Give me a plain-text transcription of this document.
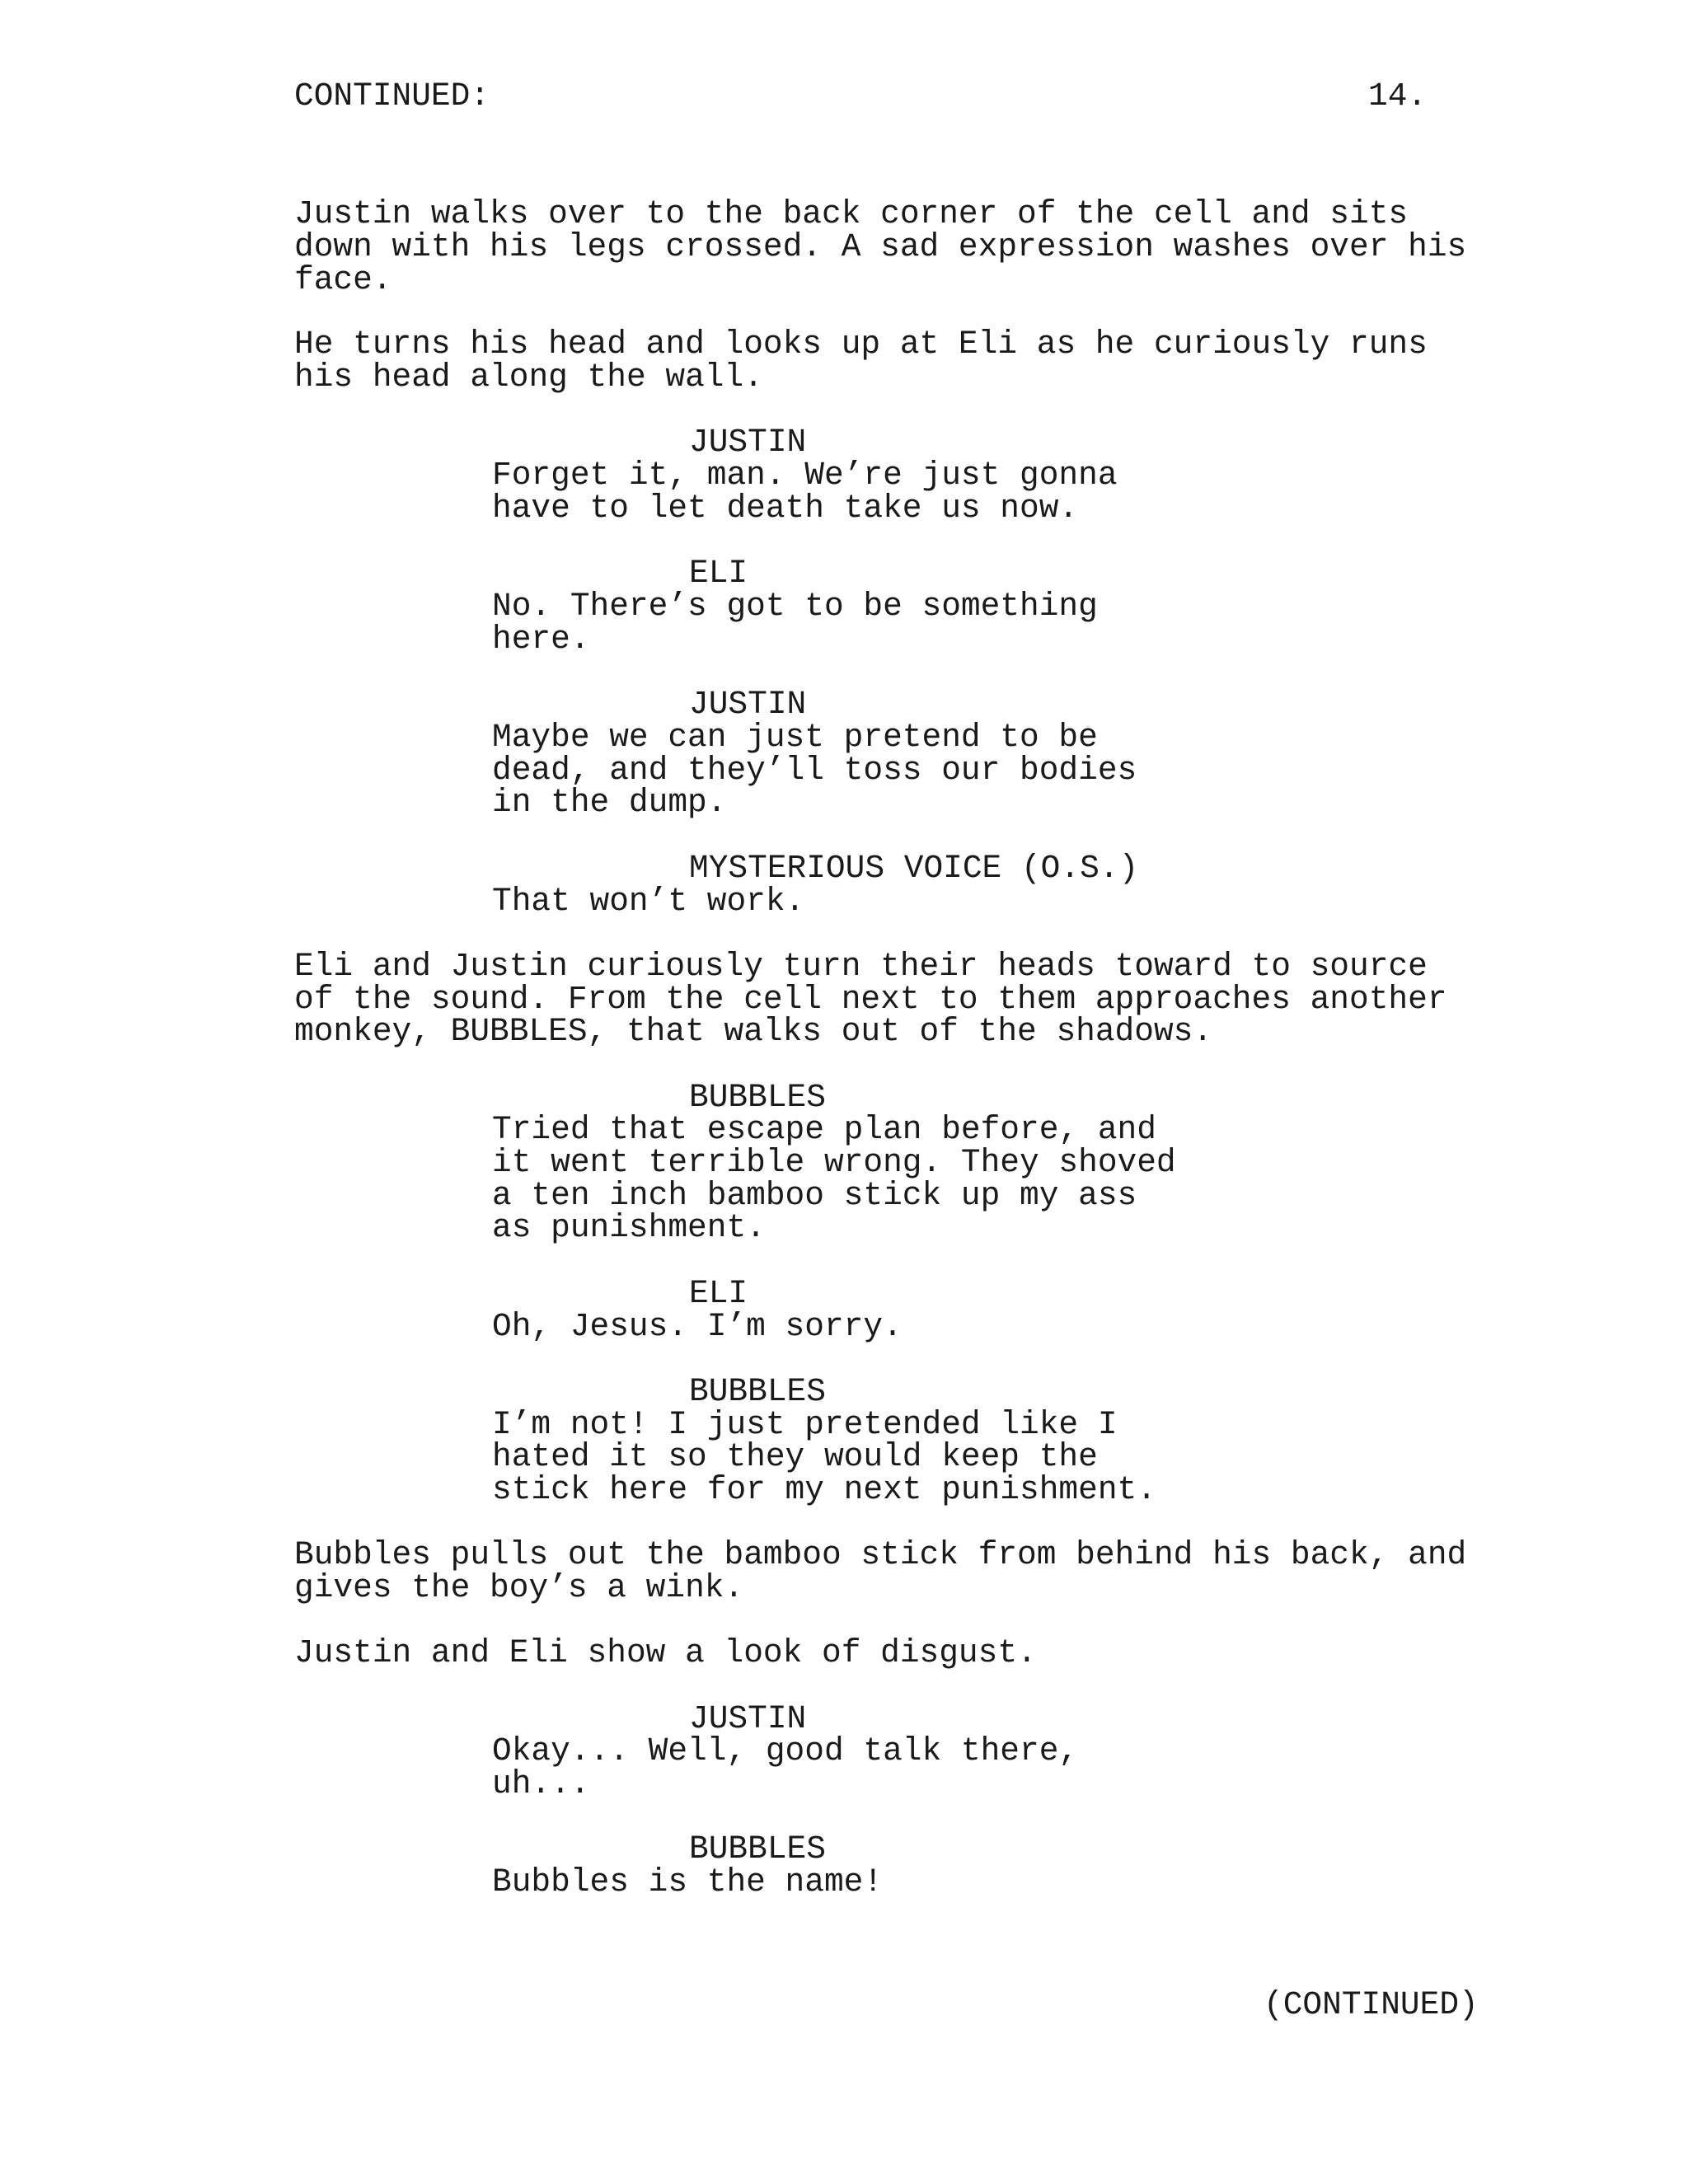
CONTINUED:	14.
Justin walks over to the back corner of the cell and sits
down with his legs crossed. A sad expression washes over his
face.
He turns his head and looks up at Eli as he curiously runs
his head along the wall.
JUSTIN
Forget it, man. We’re just gonna
have to let death take us now.
ELI
No. There’s got to be something
here.
JUSTIN
Maybe we can just pretend to be
dead, and they’ll toss our bodies
in the dump.
MYSTERIOUS VOICE (O.S.)
That won’t work.
Eli and Justin curiously turn their heads toward to source
of the sound. From the cell next to them approaches another
monkey, BUBBLES, that walks out of the shadows.
BUBBLES
Tried that escape plan before, and
it went terrible wrong. They shoved
a ten inch bamboo stick up my ass
as punishment.
ELI
Oh, Jesus. I’m sorry.
BUBBLES
I’m not! I just pretended like I
hated it so they would keep the
stick here for my next punishment.
Bubbles pulls out the bamboo stick from behind his back, and
gives the boy’s a wink.
Justin and Eli show a look of disgust.
JUSTIN
Okay... Well, good talk there,
uh...
BUBBLES
Bubbles is the name!
(CONTINUED)
